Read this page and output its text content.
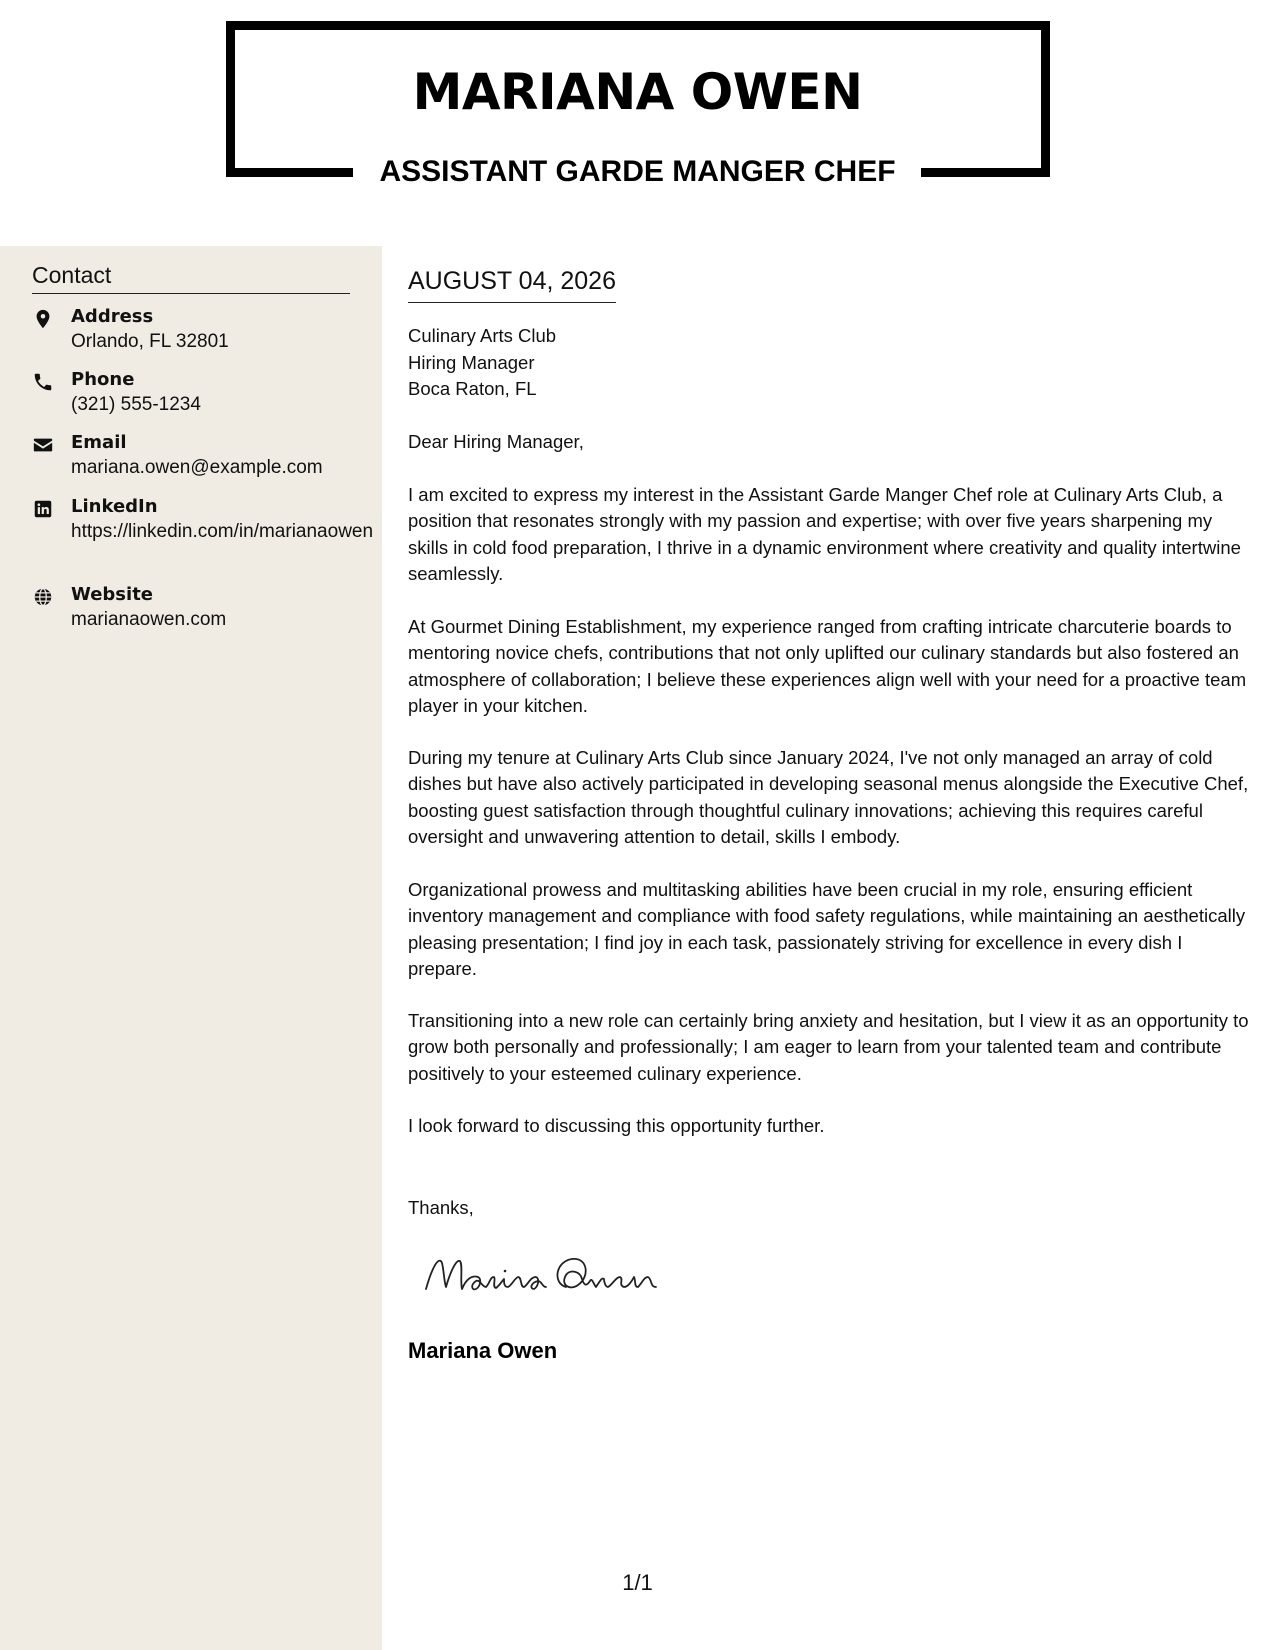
MARIANA OWEN
ASSISTANT GARDE MANGER CHEF
Contact
Address
Orlando, FL 32801
Phone
(321) 555-1234
Email
mariana.owen@example.com
LinkedIn
https://linkedin.com/in/marianaowen
Website
marianaowen.com
AUGUST 04, 2026
Culinary Arts Club
Hiring Manager
Boca Raton, FL
Dear Hiring Manager,
I am excited to express my interest in the Assistant Garde Manger Chef role at Culinary Arts Club, a position that resonates strongly with my passion and expertise; with over five years sharpening my skills in cold food preparation, I thrive in a dynamic environment where creativity and quality intertwine seamlessly.
At Gourmet Dining Establishment, my experience ranged from crafting intricate charcuterie boards to mentoring novice chefs, contributions that not only uplifted our culinary standards but also fostered an atmosphere of collaboration; I believe these experiences align well with your need for a proactive team player in your kitchen.
During my tenure at Culinary Arts Club since January 2024, I've not only managed an array of cold dishes but have also actively participated in developing seasonal menus alongside the Executive Chef, boosting guest satisfaction through thoughtful culinary innovations; achieving this requires careful oversight and unwavering attention to detail, skills I embody.
Organizational prowess and multitasking abilities have been crucial in my role, ensuring efficient inventory management and compliance with food safety regulations, while maintaining an aesthetically pleasing presentation; I find joy in each task, passionately striving for excellence in every dish I prepare.
Transitioning into a new role can certainly bring anxiety and hesitation, but I view it as an opportunity to grow both personally and professionally; I am eager to learn from your talented team and contribute positively to your esteemed culinary experience.
I look forward to discussing this opportunity further.
Thanks,
Mariana Owen
1/1
